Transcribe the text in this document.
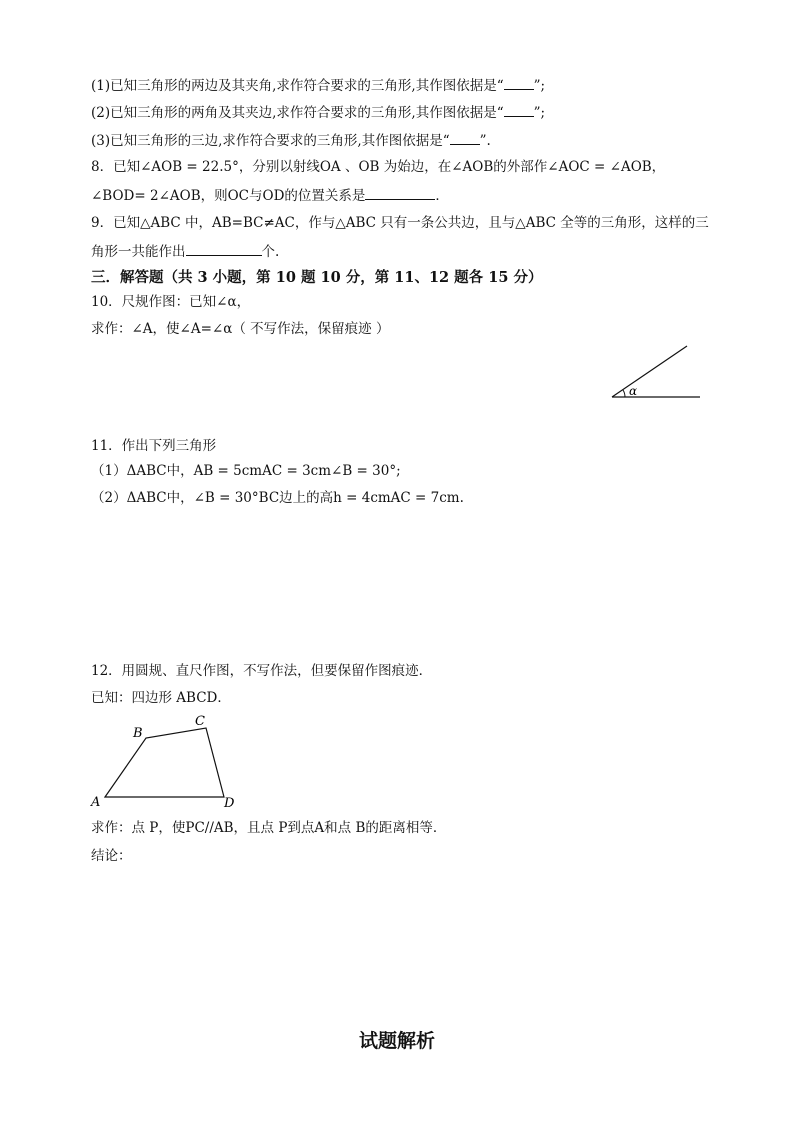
(1)已知三角形的两边及其夹角,求作符合要求的三角形,其作图依据是“ ”;
(2)已知三角形的两角及其夹边,求作符合要求的三角形,其作图依据是“ ”;
(3)已知三角形的三边,求作符合要求的三角形,其作图依据是“ ”.
8．已知∠AOB = 22.5°，分别以射线OA 、OB 为始边，在∠AOB的外部作∠AOC = ∠AOB，
∠BOD= 2∠AOB，则OC与OD的位置关系是	．
9．已知△ABC 中，AB=BC≠AC，作与△ABC 只有一条公共边，且与△ABC 全等的三角形，这样的三
角形一共能作出	个.
三．解答题（共 3 小题，第 10 题 10 分，第 11、12 题各 15 分）
10．尺规作图：已知∠α，
求作：∠A，使∠A=∠α（ 不写作法，保留痕迹 ）
α
11．作出下列三角形
（1）ΔABC中，AB = 5cmAC = 3cm∠B = 30°;
（2）ΔABC中，∠B = 30°BC边上的高h = 4cmAC = 7cm.
12．用圆规、直尺作图，不写作法，但要保留作图痕迹．
已知：四边形 ABCD．
A
B
C
D
求作：点 P，使PC//AB，且点 P到点A和点 B的距离相等．
结论：
试题解析
